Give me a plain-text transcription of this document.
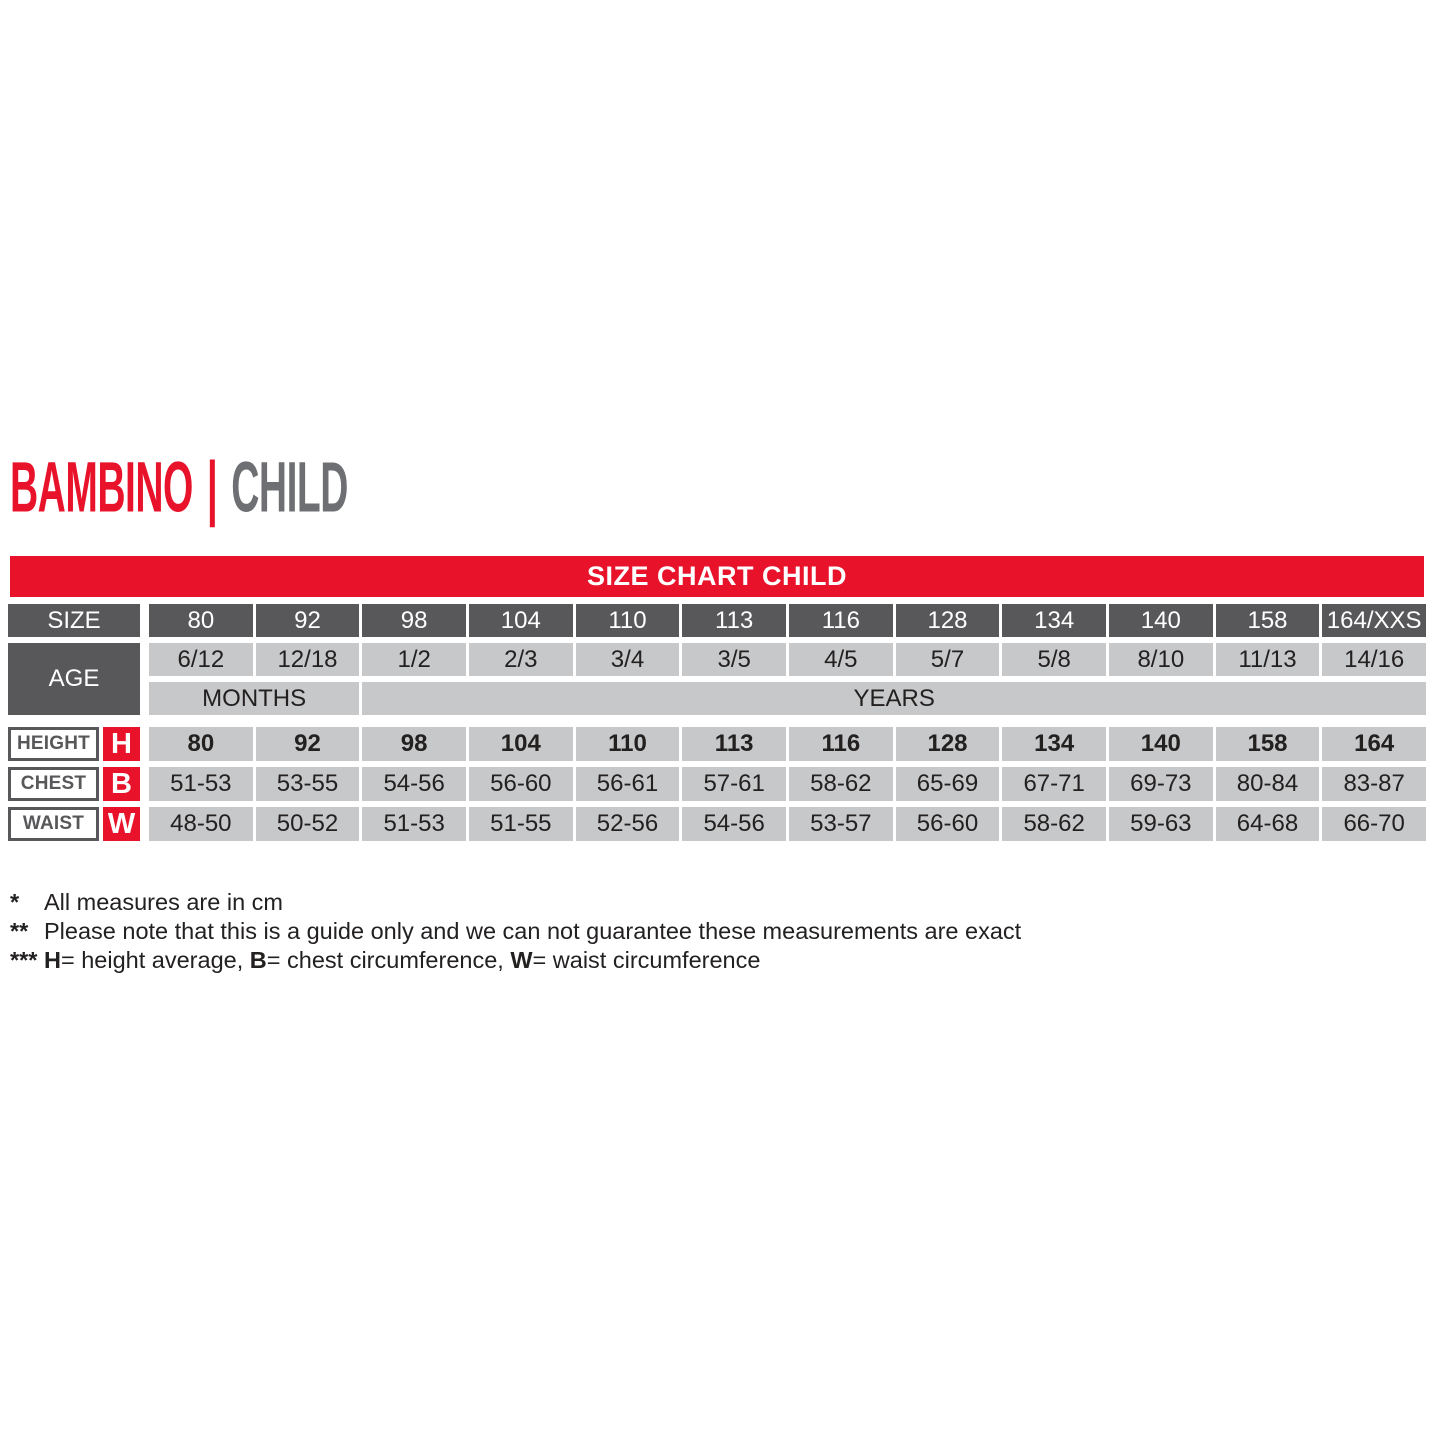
BAMBINO | CHILD
SIZE CHART CHILD
SIZE	80	92	98	104	110	113	116	128	134	140	158	164/XXS
AGE
6/12	12/18	1/2	2/3	3/4	3/5	4/5	5/7	5/8	8/10	11/13	14/16
MONTHS	YEARS
HEIGHT H	80	92	98	104	110	113	116	128	134	140	158	164
CHEST B	51-53	53-55	54-56	56-60	56-61	57-61	58-62	65-69	67-71	69-73	80-84	83-87
WAIST W	48-50	50-52	51-53	51-55	52-56	54-56	53-57	56-60	58-62	59-63	64-68	66-70
*	All measures are in cm
** Please note that this is a guide only and we can not guarantee these measurements are exact
*** H= height average, B= chest circumference, W= waist circumference
